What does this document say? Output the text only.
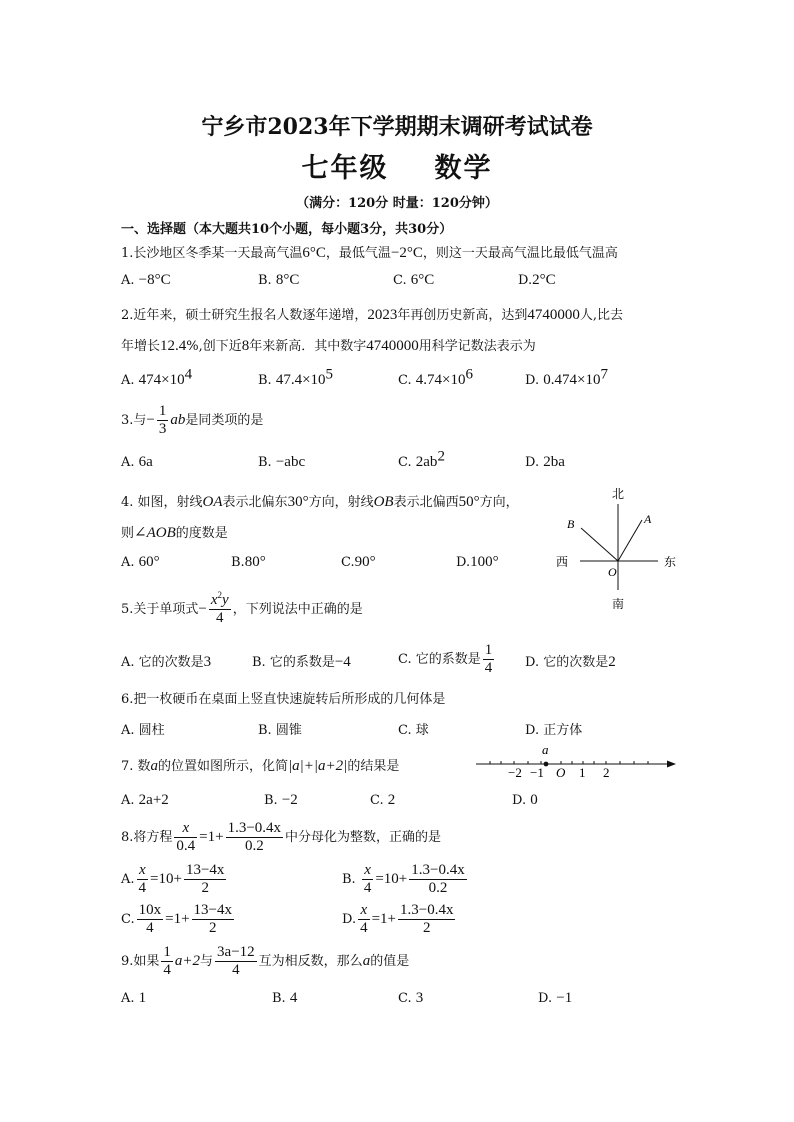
宁乡市2023年下学期期末调研考试试卷
七年级 数学
（满分：120分 时量：120分钟）
一、选择题（本大题共10个小题，每小题3分，共30分）
1.长沙地区冬季某一天最高气温6°C，最低气温−2°C，则这一天最高气温比最低气温高
A. −8°C	B. 8°C	C. 6°C	D.2°C
2.近年来，硕士研究生报名人数逐年递增，2023年再创历史新高，达到4740000人,比去
年增长12.4%,创下近8年来新高．其中数字4740000用科学记数法表示为
A. $474\times 10^4$	B. $47.4\times 10^5$	C. $4.74\times 10^6$	D. $0.474\times 10^7$
3.与− $\frac{1}{3}$ ab是同类项的是
A. 6a	B. −abc	C. $2ab^2$	D. 2ba
4. 如图，射线OA表示北偏东30°方向，射线OB表示北偏西50°方向，
则∠AOB的度数是
A. 60°	B.80°	C.90°	D.100°
北
南
西	东
A
B
O
5.关于单项式− $\frac{x^2y}{4}$ ，下列说法中正确的是
A. 它的次数是3	B. 它的系数是−4	C. 它的系数是 $\frac{1}{4} D$. 它的次数是2
6.把一枚硬币在桌面上竖直快速旋转后所形成的几何体是
A. 圆柱	B. 圆锥	C. 球	D. 正方体
7. 数a的位置如图所示，化简|a|+|a+2|的结果是
A. 2a+2	B. −2	C. 2	D. 0
a
−2 −1 O 1 2
8.将方程 $\frac{x}{0.4} =1+ \frac{1.3-0.4x}{0.2}$ 中分母化为整数，正确的是
A. $\frac{x}{4} =10+ \frac{13-4x}{2}$	B. $\frac{x}{4} =10+ \frac{1.3-0.4x}{0.2}$
C. $\frac{10x}{4} =1+ \frac{13-4x}{2}$	D. $\frac{x}{4} =1+ \frac{1.3-0.4x}{2}$
9.如果 $\frac{1}{4} a+2$与 $\frac{3a-12}{4}$ 互为相反数，那么a的值是
A. 1	B. 4	C. 3	D. −1
